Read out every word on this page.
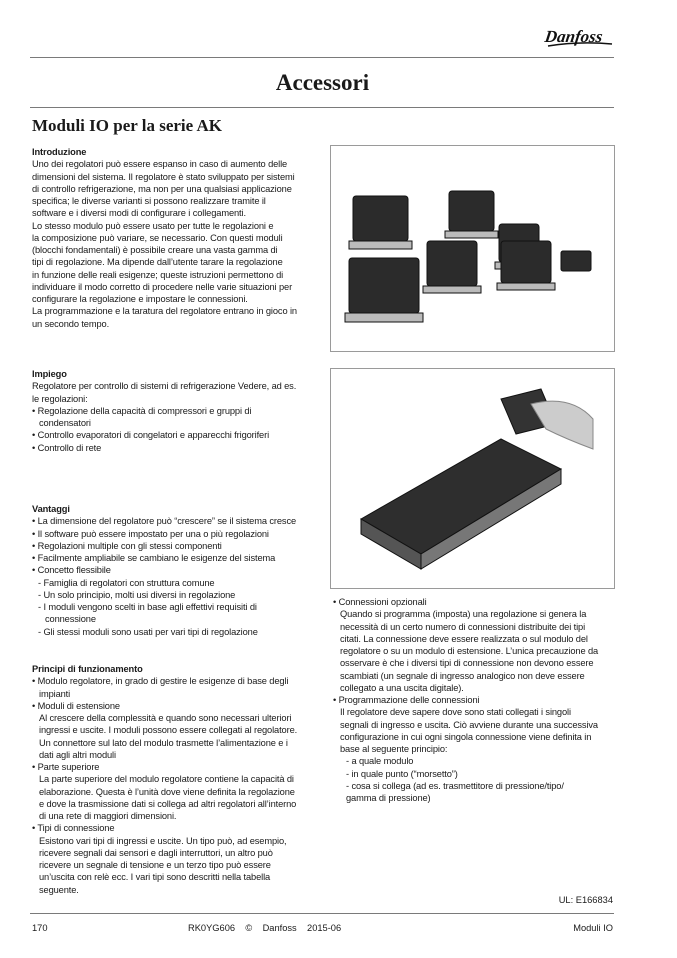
Danfoss
Accessori
Moduli IO per la serie AK
Introduzione
Uno dei regolatori può essere espanso in caso di aumento delle
dimensioni del sistema. Il regolatore è stato sviluppato per sistemi
di controllo refrigerazione, ma non per una qualsiasi applicazione
specifica; le diverse varianti si possono realizzare tramite il
software e i diversi modi di configurare i collegamenti.
Lo stesso modulo può essere usato per tutte le regolazioni e
la composizione può variare, se necessario. Con questi moduli
(blocchi fondamentali) è possibile creare una vasta gamma di
tipi di regolazione. Ma dipende dall’utente tarare la regolazione
in funzione delle reali esigenze; queste istruzioni permettono di
individuare il modo corretto di procedere nelle varie situazioni per
configurare la regolazione e impostare le connessioni.
La programmazione e la taratura del regolatore entrano in gioco in
un secondo tempo.
Impiego
Regolatore per controllo di sistemi di refrigerazione Vedere, ad es.
le regolazioni:
• Regolazione della capacità di compressori e gruppi di
condensatori
• Controllo evaporatori di congelatori e apparecchi frigoriferi
• Controllo di rete
Vantaggi
• La dimensione del regolatore può “crescere” se il sistema cresce
• Il software può essere impostato per una o più regolazioni
• Regolazioni multiple con gli stessi componenti
• Facilmente ampliabile se cambiano le esigenze del sistema
• Concetto flessibile
- Famiglia di regolatori con struttura comune
- Un solo principio, molti usi diversi in regolazione
- I moduli vengono scelti in base agli effettivi requisiti di
connessione
- Gli stessi moduli sono usati per vari tipi di regolazione
Principi di funzionamento
• Modulo regolatore, in grado di gestire le esigenze di base degli
impianti
• Moduli di estensione
Al crescere della complessità e quando sono necessari ulteriori
ingressi e uscite. I moduli possono essere collegati al regolatore.
Un connettore sul lato del modulo trasmette l’alimentazione e i
dati agli altri moduli
• Parte superiore
La parte superiore del modulo regolatore contiene la capacità di
elaborazione. Questa è l’unità dove viene definita la regolazione
e dove la trasmissione dati si collega ad altri regolatori all’interno
di una rete di maggiori dimensioni.
• Tipi di connessione
Esistono vari tipi di ingressi e uscite. Un tipo può, ad esempio,
ricevere segnali dai sensori e dagli interruttori, un altro può
ricevere un segnale di tensione e un terzo tipo può essere
un’uscita con relè ecc. I vari tipi sono descritti nella tabella
seguente.
• Connessioni opzionali
Quando si programma (imposta) una regolazione si genera la
necessità di un certo numero di connessioni distribuite dei tipi
citati. La connessione deve essere realizzata o sul modulo del
regolatore o su un modulo di estensione. L’unica precauzione da
osservare è che i diversi tipi di connessione non devono essere
scambiati (un segnale di ingresso analogico non deve essere
collegato a una uscita digitale).
• Programmazione delle connessioni
Il regolatore deve sapere dove sono stati collegati i singoli
segnali di ingresso e uscita. Ciò avviene durante una successiva
configurazione in cui ogni singola connessione viene definita in
base al seguente principio:
- a quale modulo
- in quale punto (“morsetto”)
- cosa si collega (ad es. trasmettitore di pressione/tipo/
gamma di pressione)
UL: E166834
170	RK0YG606 © Danfoss 2015-06	Moduli IO
